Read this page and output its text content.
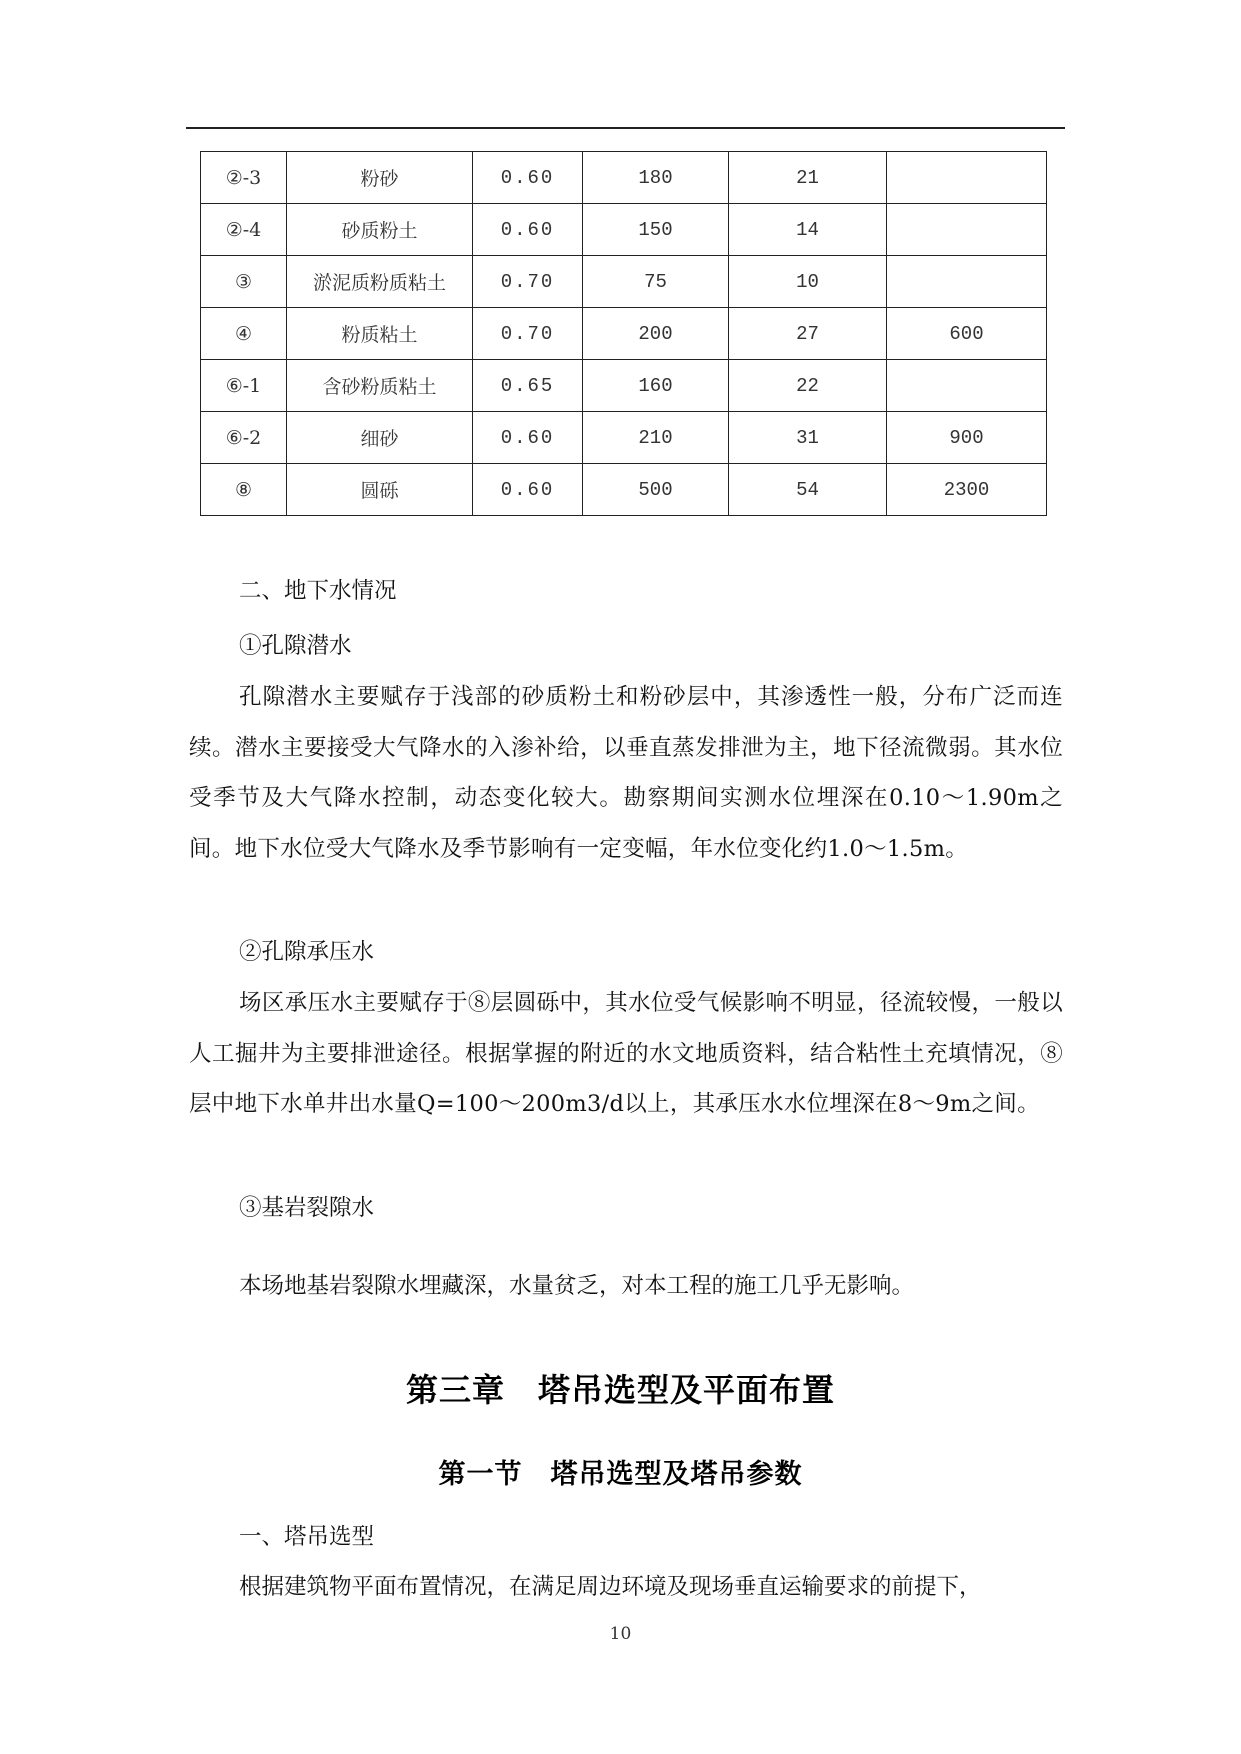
②-3	粉砂	0.60	180	21	
②-4	砂质粉土	0.60	150	14	
③	淤泥质粉质粘土	0.70	75	10	
④	粉质粘土	0.70	200	27	600
⑥-1	含砂粉质粘土	0.65	160	22	
⑥-2	细砂	0.60	210	31	900
⑧	圆砾	0.60	500	54	2300

二、地下水情况

①孔隙潜水

孔隙潜水主要赋存于浅部的砂质粉土和粉砂层中，其渗透性一般，分布广泛而连续。潜水主要接受大气降水的入渗补给，以垂直蒸发排泄为主，地下径流微弱。其水位受季节及大气降水控制，动态变化较大。勘察期间实测水位埋深在0.10～1.90m之间。地下水位受大气降水及季节影响有一定变幅，年水位变化约1.0～1.5m。

②孔隙承压水

场区承压水主要赋存于⑧层圆砾中，其水位受气候影响不明显，径流较慢，一般以人工掘井为主要排泄途径。根据掌握的附近的水文地质资料，结合粘性土充填情况，⑧层中地下水单井出水量Q=100～200m3/d以上，其承压水水位埋深在8～9m之间。

③基岩裂隙水

本场地基岩裂隙水埋藏深，水量贫乏，对本工程的施工几乎无影响。

第三章　塔吊选型及平面布置
第一节　塔吊选型及塔吊参数

一、塔吊选型

根据建筑物平面布置情况，在满足周边环境及现场垂直运输要求的前提下，

10
